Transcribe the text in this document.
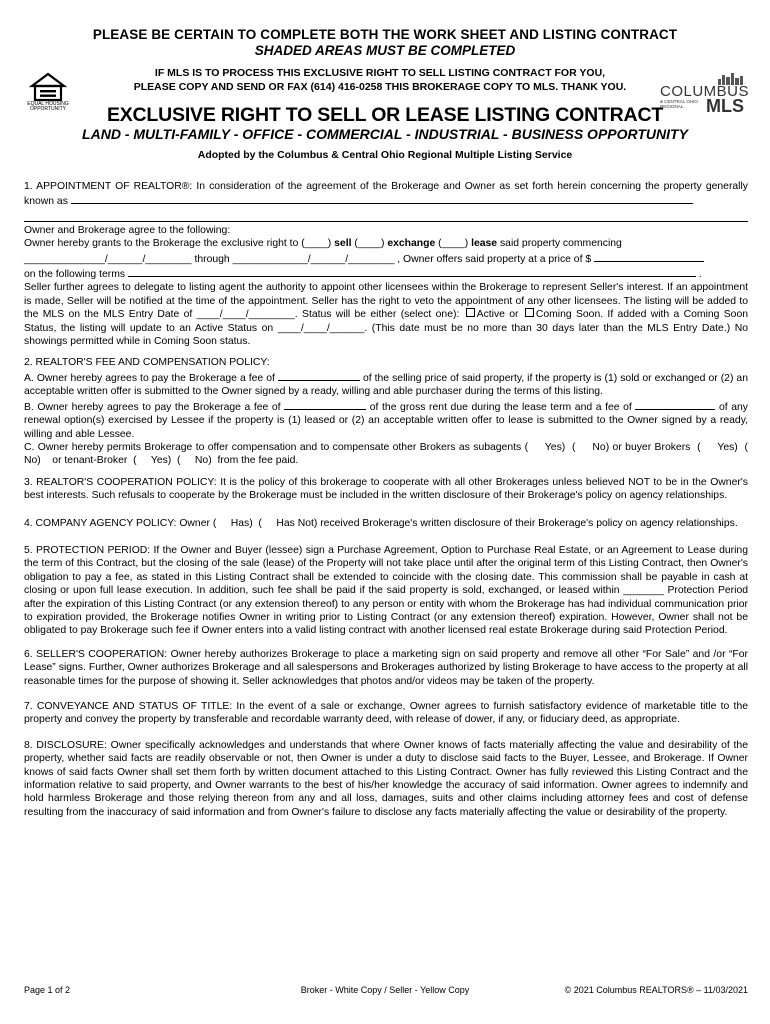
PLEASE BE CERTAIN TO COMPLETE BOTH THE WORK SHEET AND LISTING CONTRACT
SHADED AREAS MUST BE COMPLETED
IF MLS IS TO PROCESS THIS EXCLUSIVE RIGHT TO SELL LISTING CONTRACT FOR YOU,
PLEASE COPY AND SEND OR FAX (614) 416-0258 THIS BROKERAGE COPY TO MLS. THANK YOU.
EQUAL HOUSING OPPORTUNITY
COLUMBUS
& CENTRAL OHIO REGIONAL	MLS
EXCLUSIVE RIGHT TO SELL OR LEASE LISTING CONTRACT
LAND - MULTI-FAMILY - OFFICE - COMMERCIAL - INDUSTRIAL - BUSINESS OPPORTUNITY
Adopted by the Columbus & Central Ohio Regional Multiple Listing Service

1. APPOINTMENT OF REALTOR®: In consideration of the agreement of the Brokerage and Owner as set forth herein concerning the property generally known as

Owner and Brokerage agree to the following:

Owner hereby grants to the Brokerage the exclusive right to (____) sell (____) exchange (____) lease said property commencing

______________/______/________ through _____________/______/________ , Owner offers said property at a price of $

on the following terms	.

Seller further agrees to delegate to listing agent the authority to appoint other licensees within the Brokerage to represent Seller's interest. If an appointment is made, Seller will be notified at the time of the appointment. Seller has the right to veto the appointment of any other licensees. The listing will be added to the MLS on the MLS Entry Date of ____/____/________. Status will be either (select one): Active or Coming Soon. If added with a Coming Soon Status, the listing will update to an Active Status on ____/____/______. (This date must be no more than 30 days later than the MLS Entry Date.) No showings permitted while in Coming Soon status.

2. REALTOR'S FEE AND COMPENSATION POLICY:

A. Owner hereby agrees to pay the Brokerage a fee of	of the selling price of said property, if the property is (1) sold or exchanged or (2) an acceptable written offer is submitted to the Owner signed by a ready, willing and able purchaser during the terms of this listing.

B. Owner hereby agrees to pay the Brokerage a fee of	of the gross rent due during the lease term and a fee of	of any renewal option(s) exercised by Lessee if the property is (1) leased or (2) an acceptable written offer to lease is submitted to the Owner signed by a ready, willing and able Lessee.

C. Owner hereby permits Brokerage to offer compensation and to compensate other Brokers as subagents (     Yes)  (     No) or buyer Brokers  (     Yes)  (     No)    or tenant-Broker  (     Yes)  (     No)  from the fee paid.

3. REALTOR'S COOPERATION POLICY: It is the policy of this brokerage to cooperate with all other Brokerages unless believed NOT to be in the Owner's best interests. Such refusals to cooperate by the Brokerage must be included in the written disclosure of their Brokerage's policy on agency relationships.

4. COMPANY AGENCY POLICY: Owner (     Has)  (     Has Not) received Brokerage's written disclosure of their Brokerage's policy on agency relationships.

5. PROTECTION PERIOD: If the Owner and Buyer (lessee) sign a Purchase Agreement, Option to Purchase Real Estate, or an Agreement to Lease during the term of this Contract, but the closing of the sale (lease) of the Property will not take place until after the original term of this Listing Contract, then Owner's obligation to pay a fee, as stated in this Listing Contract shall be extended to coincide with the closing date. This commission shall be payable in cash at closing or upon full lease execution. In addition, such fee shall be paid if the said property is sold, exchanged, or leased within _______ Protection Period after the expiration of this Listing Contract (or any extension thereof) to any person or entity with whom the Brokerage has had individual communication prior to expiration provided, the Brokerage notifies Owner in writing prior to Listing Contract (or any extension thereof) expiration. However, Owner shall not be obligated to pay Brokerage such fee if Owner enters into a valid listing contract with another licensed real estate Brokerage during said Protection Period.

6. SELLER'S COOPERATION: Owner hereby authorizes Brokerage to place a marketing sign on said property and remove all other “For Sale” and /or “For Lease” signs. Further, Owner authorizes Brokerage and all salespersons and Brokerages authorized by listing Brokerage to have access to the property at all reasonable times for the purpose of showing it. Seller acknowledges that photos and/or videos may be taken of the property.

7. CONVEYANCE AND STATUS OF TITLE: In the event of a sale or exchange, Owner agrees to furnish satisfactory evidence of marketable title to the property and convey the property by transferable and recordable warranty deed, with release of dower, if any, or fiduciary deed, as appropriate.

8. DISCLOSURE: Owner specifically acknowledges and understands that where Owner knows of facts materially affecting the value and desirability of the property, whether said facts are readily observable or not, then Owner is under a duty to disclose said facts to the Buyer, Lessee, and Brokerage. If Owner knows of said facts Owner shall set them forth by written document attached to this Listing Contract. Owner has fully reviewed this Listing Contract and the information relative to said property, and Owner warrants to the best of his/her knowledge the accuracy of said information. Owner agrees to indemnify and hold harmless Brokerage and those relying thereon from any and all loss, damages, suits and other claims including attorney fees and cost of defense resulting from the inaccuracy of said information and from Owner's failure to disclose any facts materially affecting the value or desirability of the property.

Page 1 of 2	Broker - White Copy / Seller - Yellow Copy	© 2021 Columbus REALTORS® – 11/03/2021
